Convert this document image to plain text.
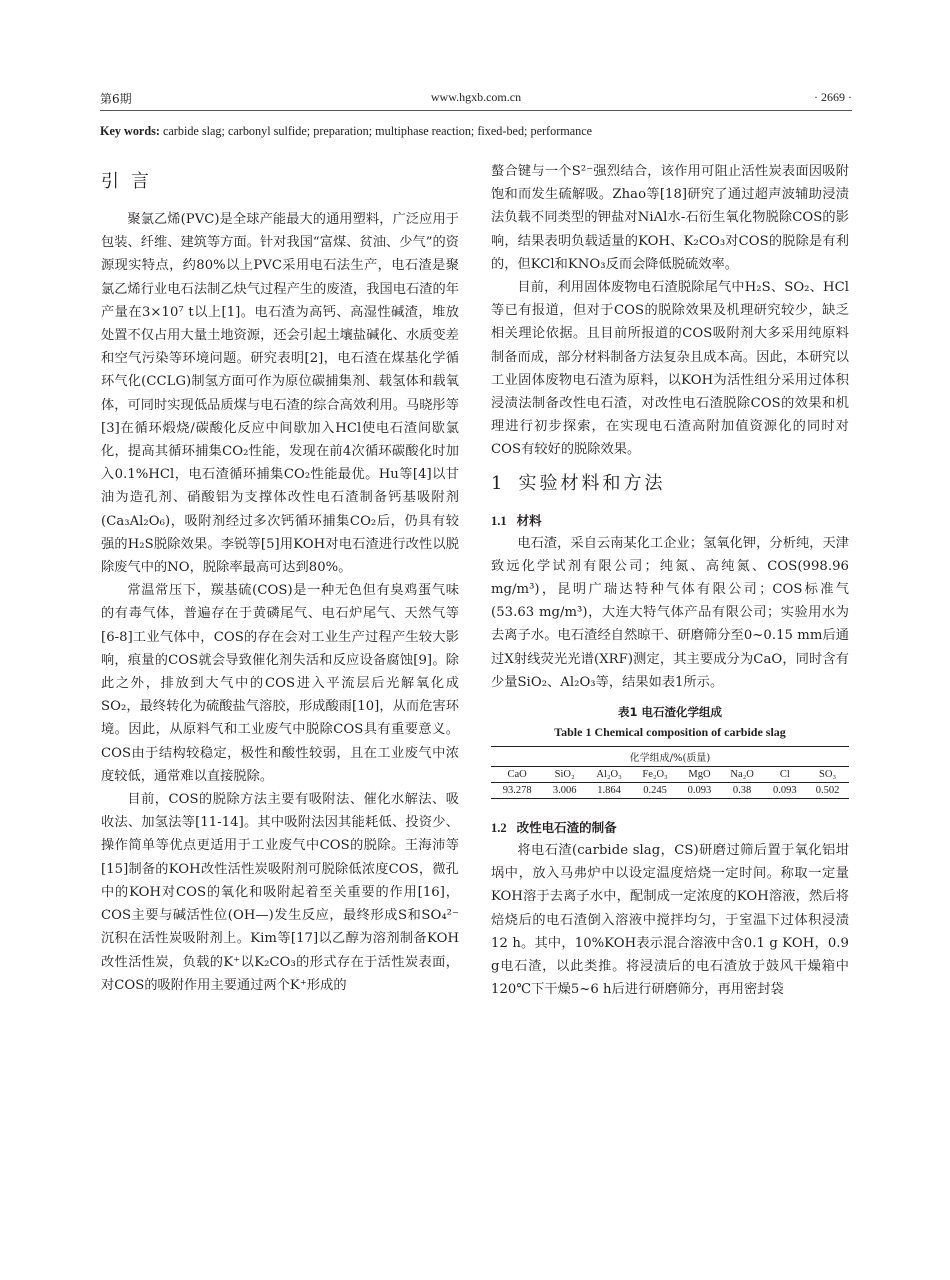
第6期	www.hgxb.com.cn	· 2669 ·
Key words: carbide slag; carbonyl sulfide; preparation; multiphase reaction; fixed-bed; performance
引言

聚氯乙烯(PVC)是全球产能最大的通用塑料，广泛应用于包装、纤维、建筑等方面。针对我国“富煤、贫油、少气”的资源现实特点，约80%以上PVC采用电石法生产，电石渣是聚氯乙烯行业电石法制乙炔气过程产生的废渣，我国电石渣的年产量在3×10⁷ t以上[1]。电石渣为高钙、高湿性碱渣，堆放处置不仅占用大量土地资源，还会引起土壤盐碱化、水质变差和空气污染等环境问题。研究表明[2]，电石渣在煤基化学循环气化(CCLG)制氢方面可作为原位碳捕集剂、载氢体和载氧体，可同时实现低品质煤与电石渣的综合高效利用。马晓彤等[3]在循环煅烧/碳酸化反应中间歇加入HCl使电石渣间歇氯化，提高其循环捕集CO₂性能，发现在前4次循环碳酸化时加入0.1%HCl，电石渣循环捕集CO₂性能最优。Hu等[4]以甘油为造孔剂、硝酸铝为支撑体改性电石渣制备钙基吸附剂(Ca₃Al₂O₆)，吸附剂经过多次钙循环捕集CO₂后，仍具有较强的H₂S脱除效果。李锐等[5]用KOH对电石渣进行改性以脱除废气中的NO，脱除率最高可达到80%。

常温常压下，羰基硫(COS)是一种无色但有臭鸡蛋气味的有毒气体，普遍存在于黄磷尾气、电石炉尾气、天然气等[6-8]工业气体中，COS的存在会对工业生产过程产生较大影响，痕量的COS就会导致催化剂失活和反应设备腐蚀[9]。除此之外，排放到大气中的COS进入平流层后光解氧化成SO₂，最终转化为硫酸盐气溶胶，形成酸雨[10]，从而危害环境。因此，从原料气和工业废气中脱除COS具有重要意义。COS由于结构较稳定，极性和酸性较弱，且在工业废气中浓度较低，通常难以直接脱除。

目前，COS的脱除方法主要有吸附法、催化水解法、吸收法、加氢法等[11-14]。其中吸附法因其能耗低、投资少、操作简单等优点更适用于工业废气中COS的脱除。王海沛等[15]制备的KOH改性活性炭吸附剂可脱除低浓度COS，微孔中的KOH对COS的氧化和吸附起着至关重要的作用[16]，COS主要与碱活性位(OH—)发生反应，最终形成S和SO₄²⁻沉积在活性炭吸附剂上。Kim等[17]以乙醇为溶剂制备KOH改性活性炭，负载的K⁺以K₂CO₃的形式存在于活性炭表面，对COS的吸附作用主要通过两个K⁺形成的

螯合键与一个S²⁻强烈结合，该作用可阻止活性炭表面因吸附饱和而发生硫解吸。Zhao等[18]研究了通过超声波辅助浸渍法负载不同类型的钾盐对NiAl水-石衍生氧化物脱除COS的影响，结果表明负载适量的KOH、K₂CO₃对COS的脱除是有利的，但KCl和KNO₃反而会降低脱硫效率。

目前，利用固体废物电石渣脱除尾气中H₂S、SO₂、HCl等已有报道，但对于COS的脱除效果及机理研究较少，缺乏相关理论依据。且目前所报道的COS吸附剂大多采用纯原料制备而成，部分材料制备方法复杂且成本高。因此，本研究以工业固体废物电石渣为原料，以KOH为活性组分采用过体积浸渍法制备改性电石渣，对改性电石渣脱除COS的效果和机理进行初步探索，在实现电石渣高附加值资源化的同时对COS有较好的脱除效果。

1 实验材料和方法
1.1 材料

电石渣，采自云南某化工企业；氢氧化钾，分析纯，天津致远化学试剂有限公司；纯氮、高纯氮、COS(998.96 mg/m³)，昆明广瑞达特种气体有限公司；COS标准气(53.63 mg/m³)，大连大特气体产品有限公司；实验用水为去离子水。电石渣经自然晾干、研磨筛分至0~0.15 mm后通过X射线荧光光谱(XRF)测定，其主要成分为CaO，同时含有少量SiO₂、Al₂O₃等，结果如表1所示。

表1 电石渣化学组成
Table 1 Chemical composition of carbide slag
化学组成/%(质量)							
CaO	SiO₂	Al₂O₃	Fe₂O₃	MgO	Na₂O	Cl	SO₃
93.278	3.006	1.864	0.245	0.093	0.38	0.093	0.502
1.2 改性电石渣的制备

将电石渣(carbide slag，CS)研磨过筛后置于氧化铝坩埚中，放入马弗炉中以设定温度焙烧一定时间。称取一定量KOH溶于去离子水中，配制成一定浓度的KOH溶液，然后将焙烧后的电石渣倒入溶液中搅拌均匀，于室温下过体积浸渍12 h。其中，10%KOH表示混合溶液中含0.1 g KOH，0.9 g电石渣，以此类推。将浸渍后的电石渣放于鼓风干燥箱中120℃下干燥5~6 h后进行研磨筛分，再用密封袋
